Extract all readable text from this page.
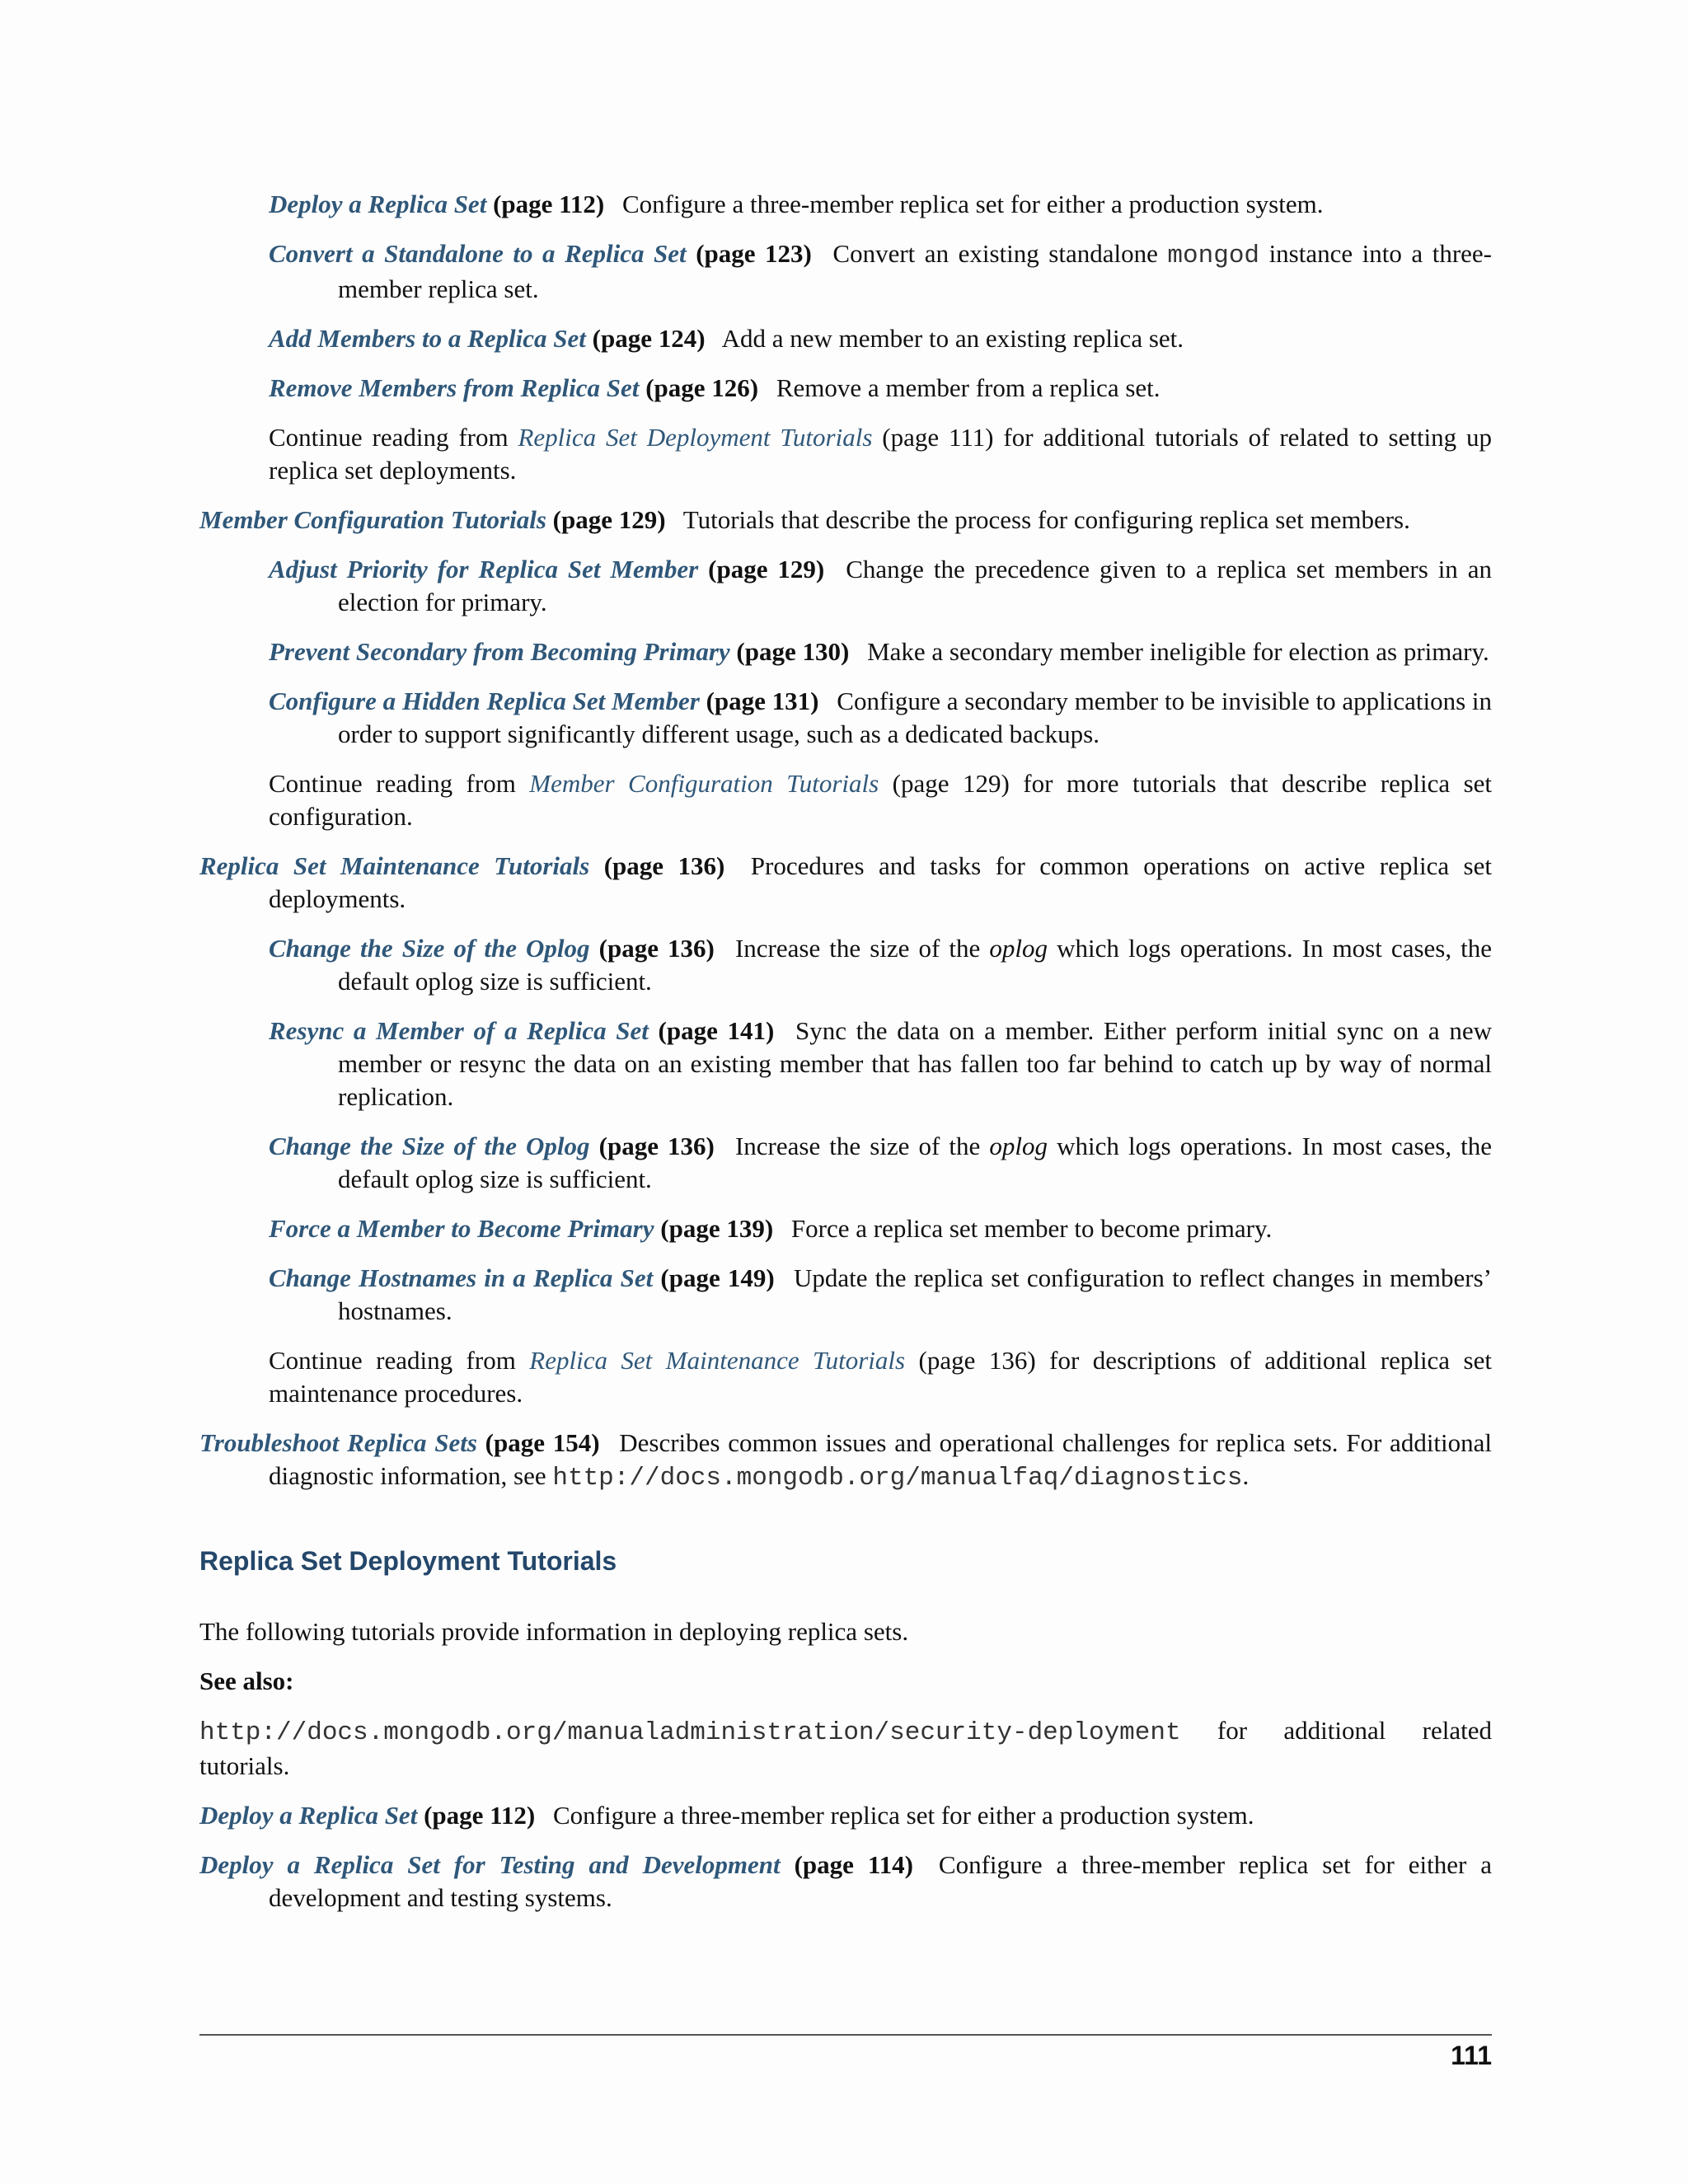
Deploy a Replica Set (page 112) Configure a three-member replica set for either a production system.

Convert a Standalone to a Replica Set (page 123) Convert an existing standalone mongod instance into a three-member replica set.

Add Members to a Replica Set (page 124) Add a new member to an existing replica set.

Remove Members from Replica Set (page 126) Remove a member from a replica set.

Continue reading from Replica Set Deployment Tutorials (page 111) for additional tutorials of related to setting up replica set deployments.

Member Configuration Tutorials (page 129) Tutorials that describe the process for configuring replica set members.

Adjust Priority for Replica Set Member (page 129) Change the precedence given to a replica set members in an election for primary.

Prevent Secondary from Becoming Primary (page 130) Make a secondary member ineligible for election as primary.

Configure a Hidden Replica Set Member (page 131) Configure a secondary member to be invisible to applications in order to support significantly different usage, such as a dedicated backups.

Continue reading from Member Configuration Tutorials (page 129) for more tutorials that describe replica set configuration.

Replica Set Maintenance Tutorials (page 136) Procedures and tasks for common operations on active replica set deployments.

Change the Size of the Oplog (page 136) Increase the size of the oplog which logs operations. In most cases, the default oplog size is sufficient.

Resync a Member of a Replica Set (page 141) Sync the data on a member. Either perform initial sync on a new member or resync the data on an existing member that has fallen too far behind to catch up by way of normal replication.

Change the Size of the Oplog (page 136) Increase the size of the oplog which logs operations. In most cases, the default oplog size is sufficient.

Force a Member to Become Primary (page 139) Force a replica set member to become primary.

Change Hostnames in a Replica Set (page 149) Update the replica set configuration to reflect changes in members’ hostnames.

Continue reading from Replica Set Maintenance Tutorials (page 136) for descriptions of additional replica set maintenance procedures.

Troubleshoot Replica Sets (page 154) Describes common issues and operational challenges for replica sets. For additional diagnostic information, see http://docs.mongodb.org/manualfaq/diagnostics.

Replica Set Deployment Tutorials

The following tutorials provide information in deploying replica sets.

See also:

http://docs.mongodb.org/manualadministration/security-deployment for additional related tutorials.

Deploy a Replica Set (page 112) Configure a three-member replica set for either a production system.

Deploy a Replica Set for Testing and Development (page 114) Configure a three-member replica set for either a development and testing systems.

111
